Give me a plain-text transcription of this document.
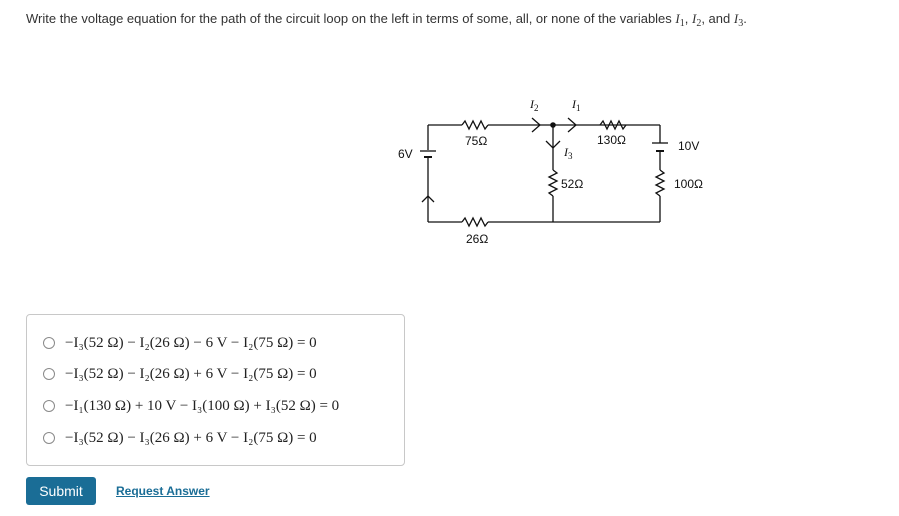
Write the voltage equation for the path of the circuit loop on the left in terms of some, all, or none of the variables $I_1$, $I_2$, and $I_3$.
6V
75Ω
26Ω
52Ω
130Ω	10V
100Ω
$I_2$	$I_1$
$I_3$
−I₃(52 Ω) − I₂(26 Ω) − 6 V − I₂(75 Ω) = 0
−I₃(52 Ω) − I₂(26 Ω) + 6 V − I₂(75 Ω) = 0
−I₁(130 Ω) + 10 V − I₃(100 Ω) + I₃(52 Ω) = 0
−I₃(52 Ω) − I₃(26 Ω) + 6 V − I₂(75 Ω) = 0
Submit	Request Answer
